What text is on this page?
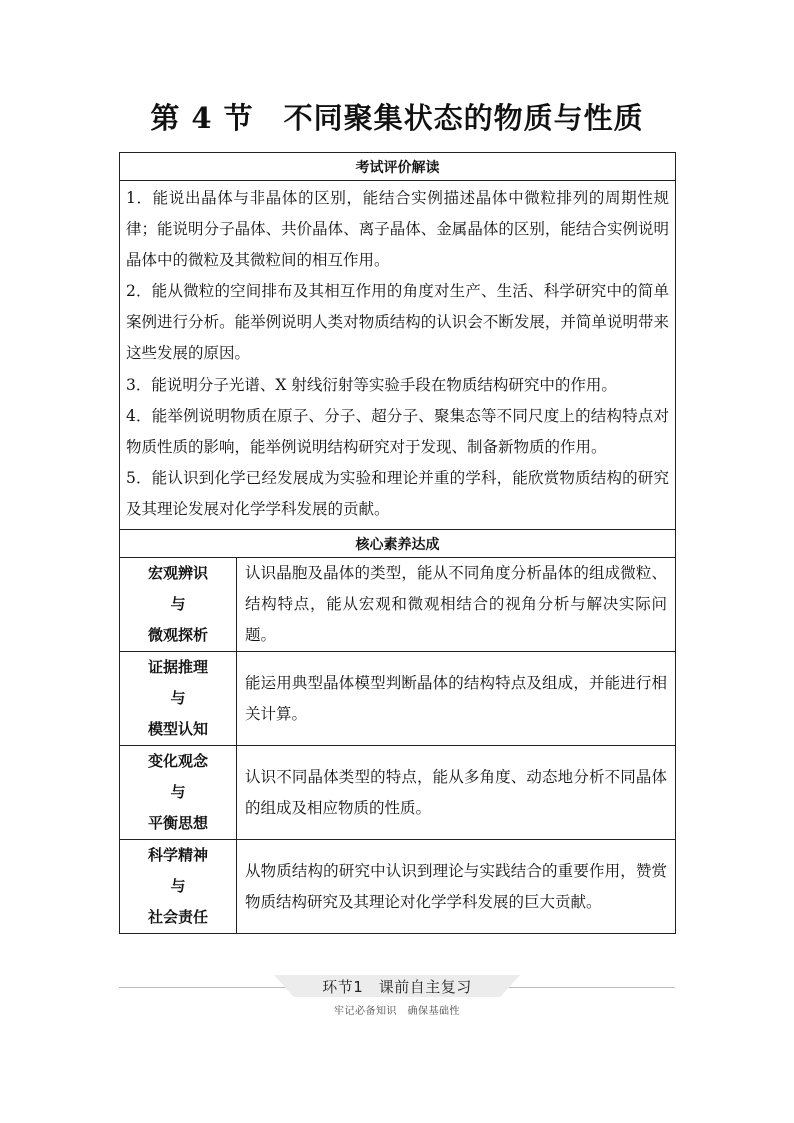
第 4 节　不同聚集状态的物质与性质
考试评价解读	

1．能说出晶体与非晶体的区别，能结合实例描述晶体中微粒排列的周期性规律；能说明分子晶体、共价晶体、离子晶体、金属晶体的区别，能结合实例说明晶体中的微粒及其微粒间的相互作用。
2．能从微粒的空间排布及其相互作用的角度对生产、生活、科学研究中的简单案例进行分析。能举例说明人类对物质结构的认识会不断发展，并简单说明带来这些发展的原因。
3．能说明分子光谱、X 射线衍射等实验手段在物质结构研究中的作用。
4．能举例说明物质在原子、分子、超分子、聚集态等不同尺度上的结构特点对物质性质的影响，能举例说明结构研究对于发现、制备新物质的作用。
5．能认识到化学已经发展成为实验和理论并重的学科，能欣赏物质结构的研究及其理论发展对化学学科发展的贡献。	

核心素养达成	

宏观辨识
与
微观探析	认识晶胞及晶体的类型，能从不同角度分析晶体的组成微粒、结构特点，能从宏观和微观相结合的视角分析与解决实际问题。

证据推理
与
模型认知	能运用典型晶体模型判断晶体的结构特点及组成，并能进行相关计算。

变化观念
与
平衡思想	认识不同晶体类型的特点，能从多角度、动态地分析不同晶体的组成及相应物质的性质。

科学精神
与
社会责任	从物质结构的研究中认识到理论与实践结合的重要作用，赞赏物质结构研究及其理论对化学学科发展的巨大贡献。
环节1　课前自主复习
牢记必备知识　确保基础性
